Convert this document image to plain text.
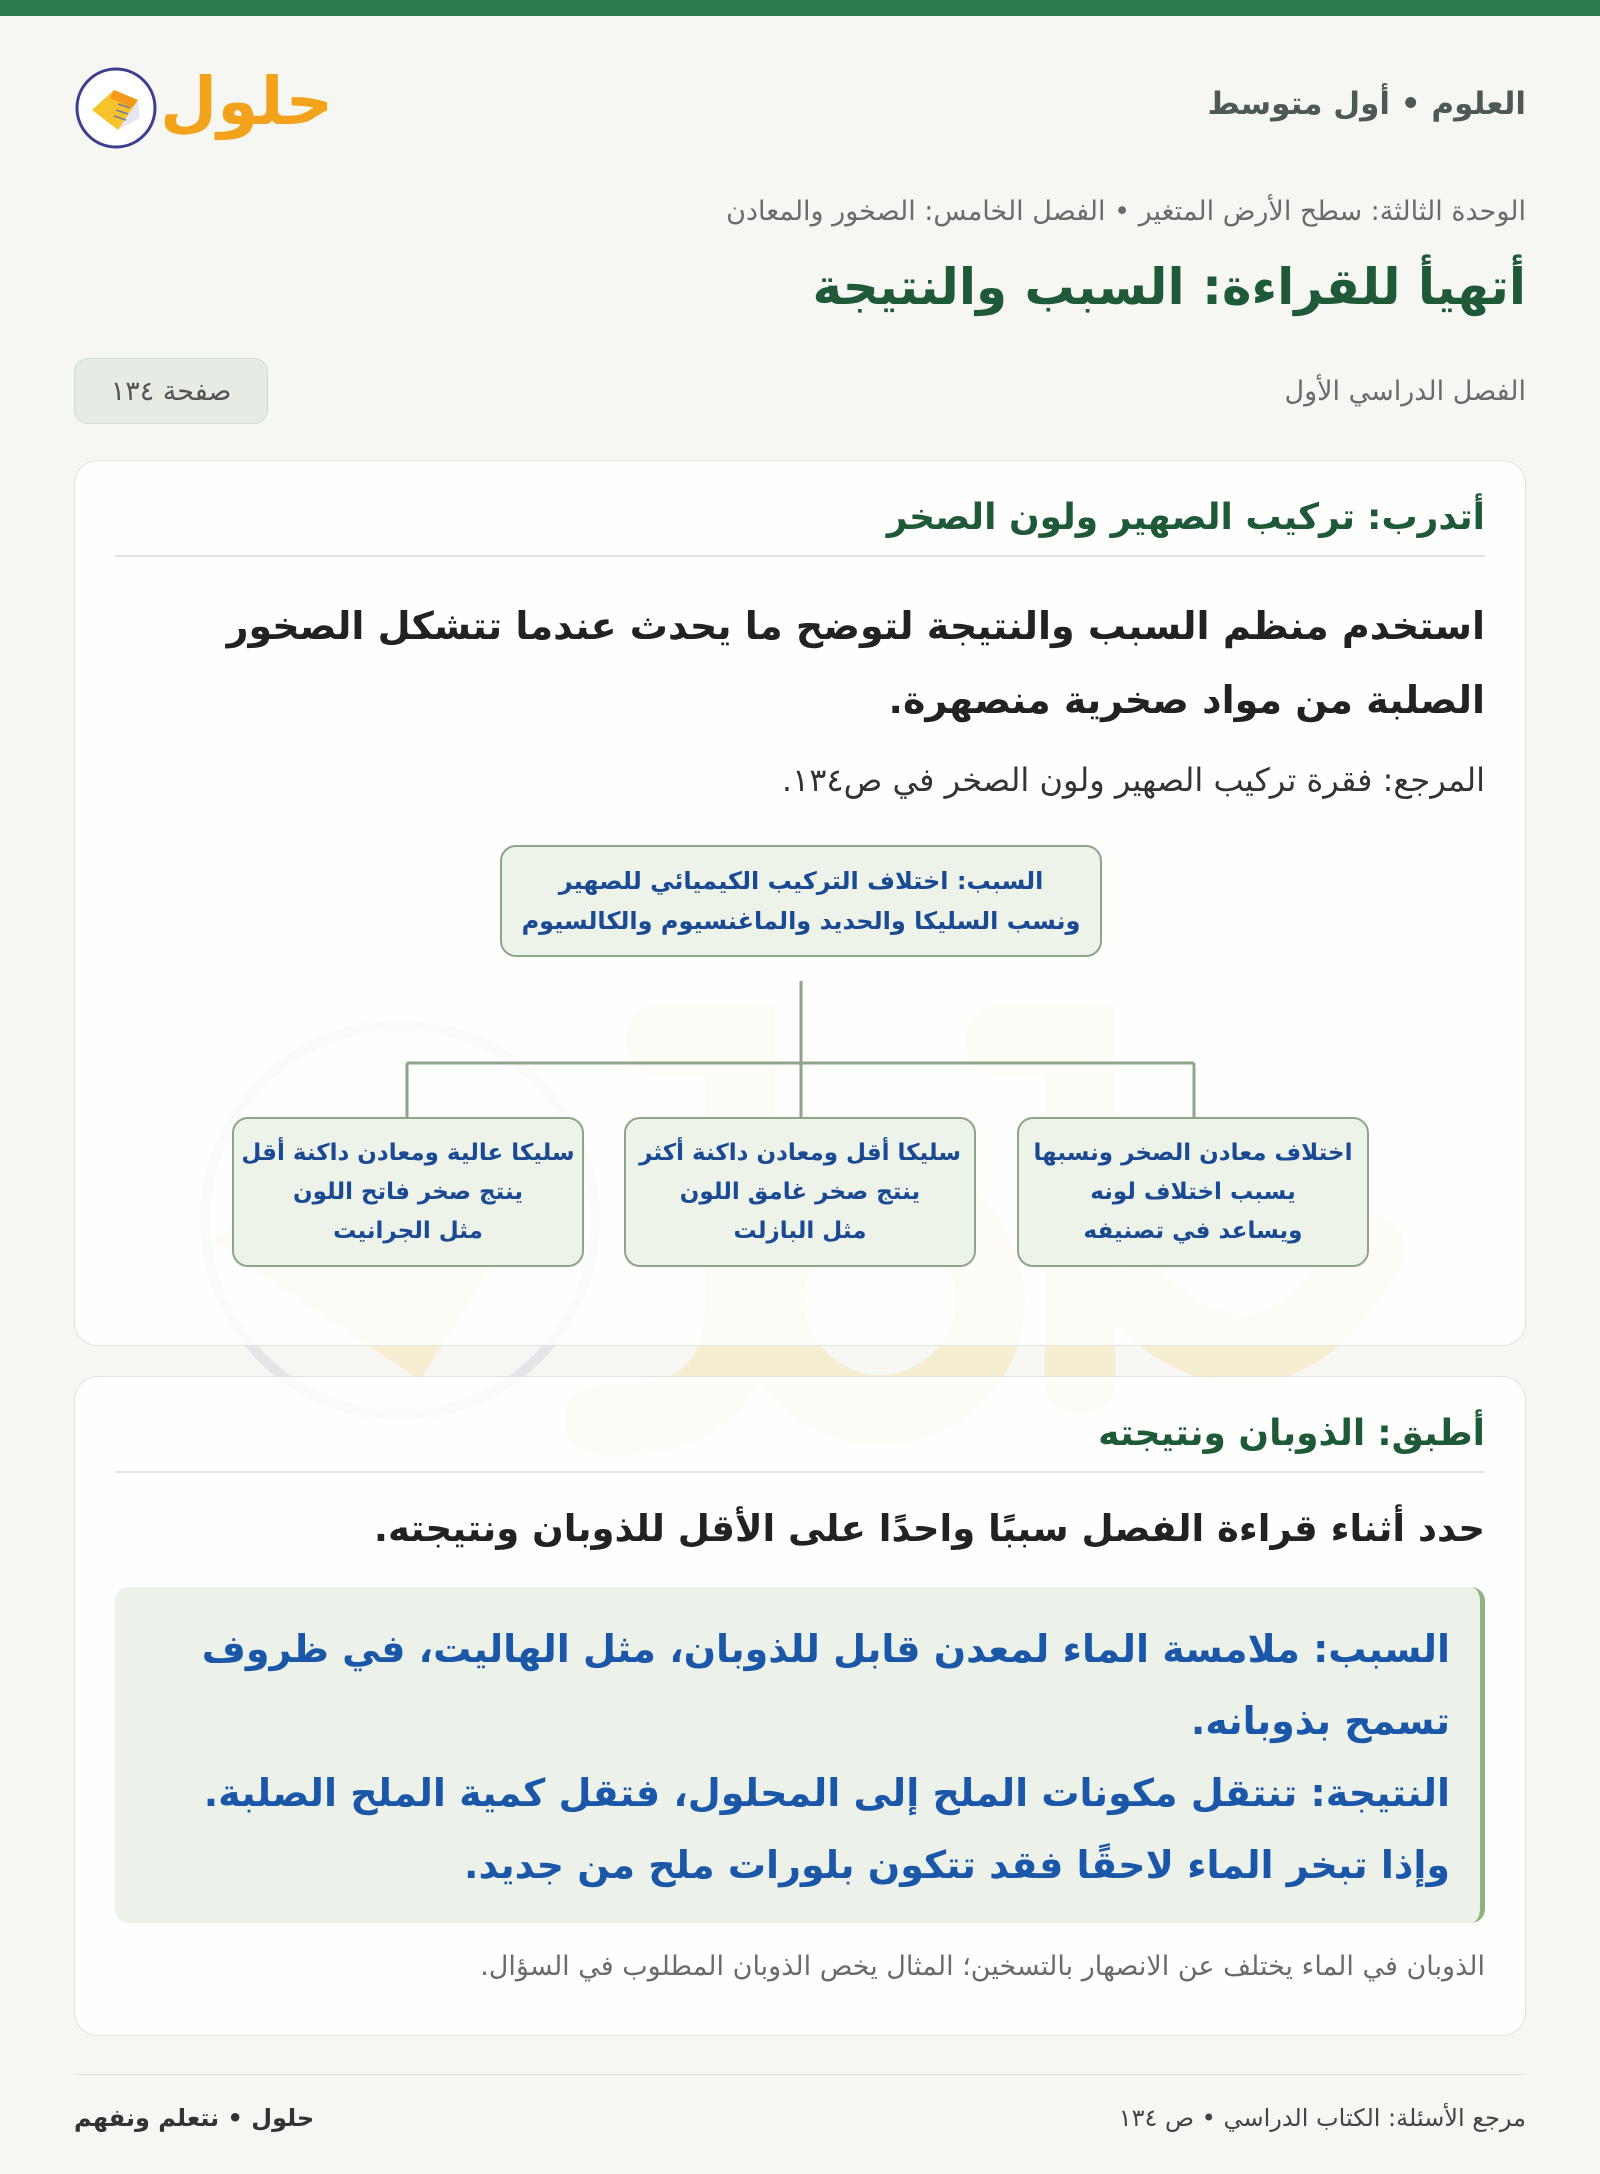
العلوم • أول متوسط
حلول
الوحدة الثالثة: سطح الأرض المتغير • الفصل الخامس: الصخور والمعادن
أتهيأ للقراءة: السبب والنتيجة
الفصل الدراسي الأول
صفحة ١٣٤
أتدرب:
تركيب الصهير ولون الصخر

استخدم منظم السبب والنتيجة لتوضح ما يحدث عندما تتشكل الصخور الصلبة من مواد صخرية منصهرة.

المرجع: فقرة تركيب الصهير ولون الصخر في ص١٣٤.

السبب: اختلاف التركيب الكيميائي للصهير
ونسب السليكا والحديد والماغنسيوم والكالسيوم
اختلاف معادن الصخر ونسبها
يسبب اختلاف لونه
ويساعد في تصنيفه
سليكا أقل ومعادن داكنة أكثر
ينتج صخر غامق اللون
مثل البازلت
سليكا عالية ومعادن داكنة أقل
ينتج صخر فاتح اللون
مثل الجرانيت
أطبق:
الذوبان ونتيجته

حدد أثناء قراءة الفصل سببًا واحدًا على الأقل للذوبان ونتيجته.

السبب: ملامسة الماء لمعدن قابل للذوبان، مثل الهاليت، في ظروف تسمح بذوبانه.

النتيجة: تنتقل مكونات الملح إلى المحلول، فتقل كمية الملح الصلبة. وإذا تبخر الماء لاحقًا فقد تتكون بلورات ملح من جديد.

الذوبان في الماء يختلف عن الانصهار بالتسخين؛ المثال يخص الذوبان المطلوب في السؤال.

مرجع الأسئلة: الكتاب الدراسي • ص ١٣٤
حلول • نتعلم ونفهم
